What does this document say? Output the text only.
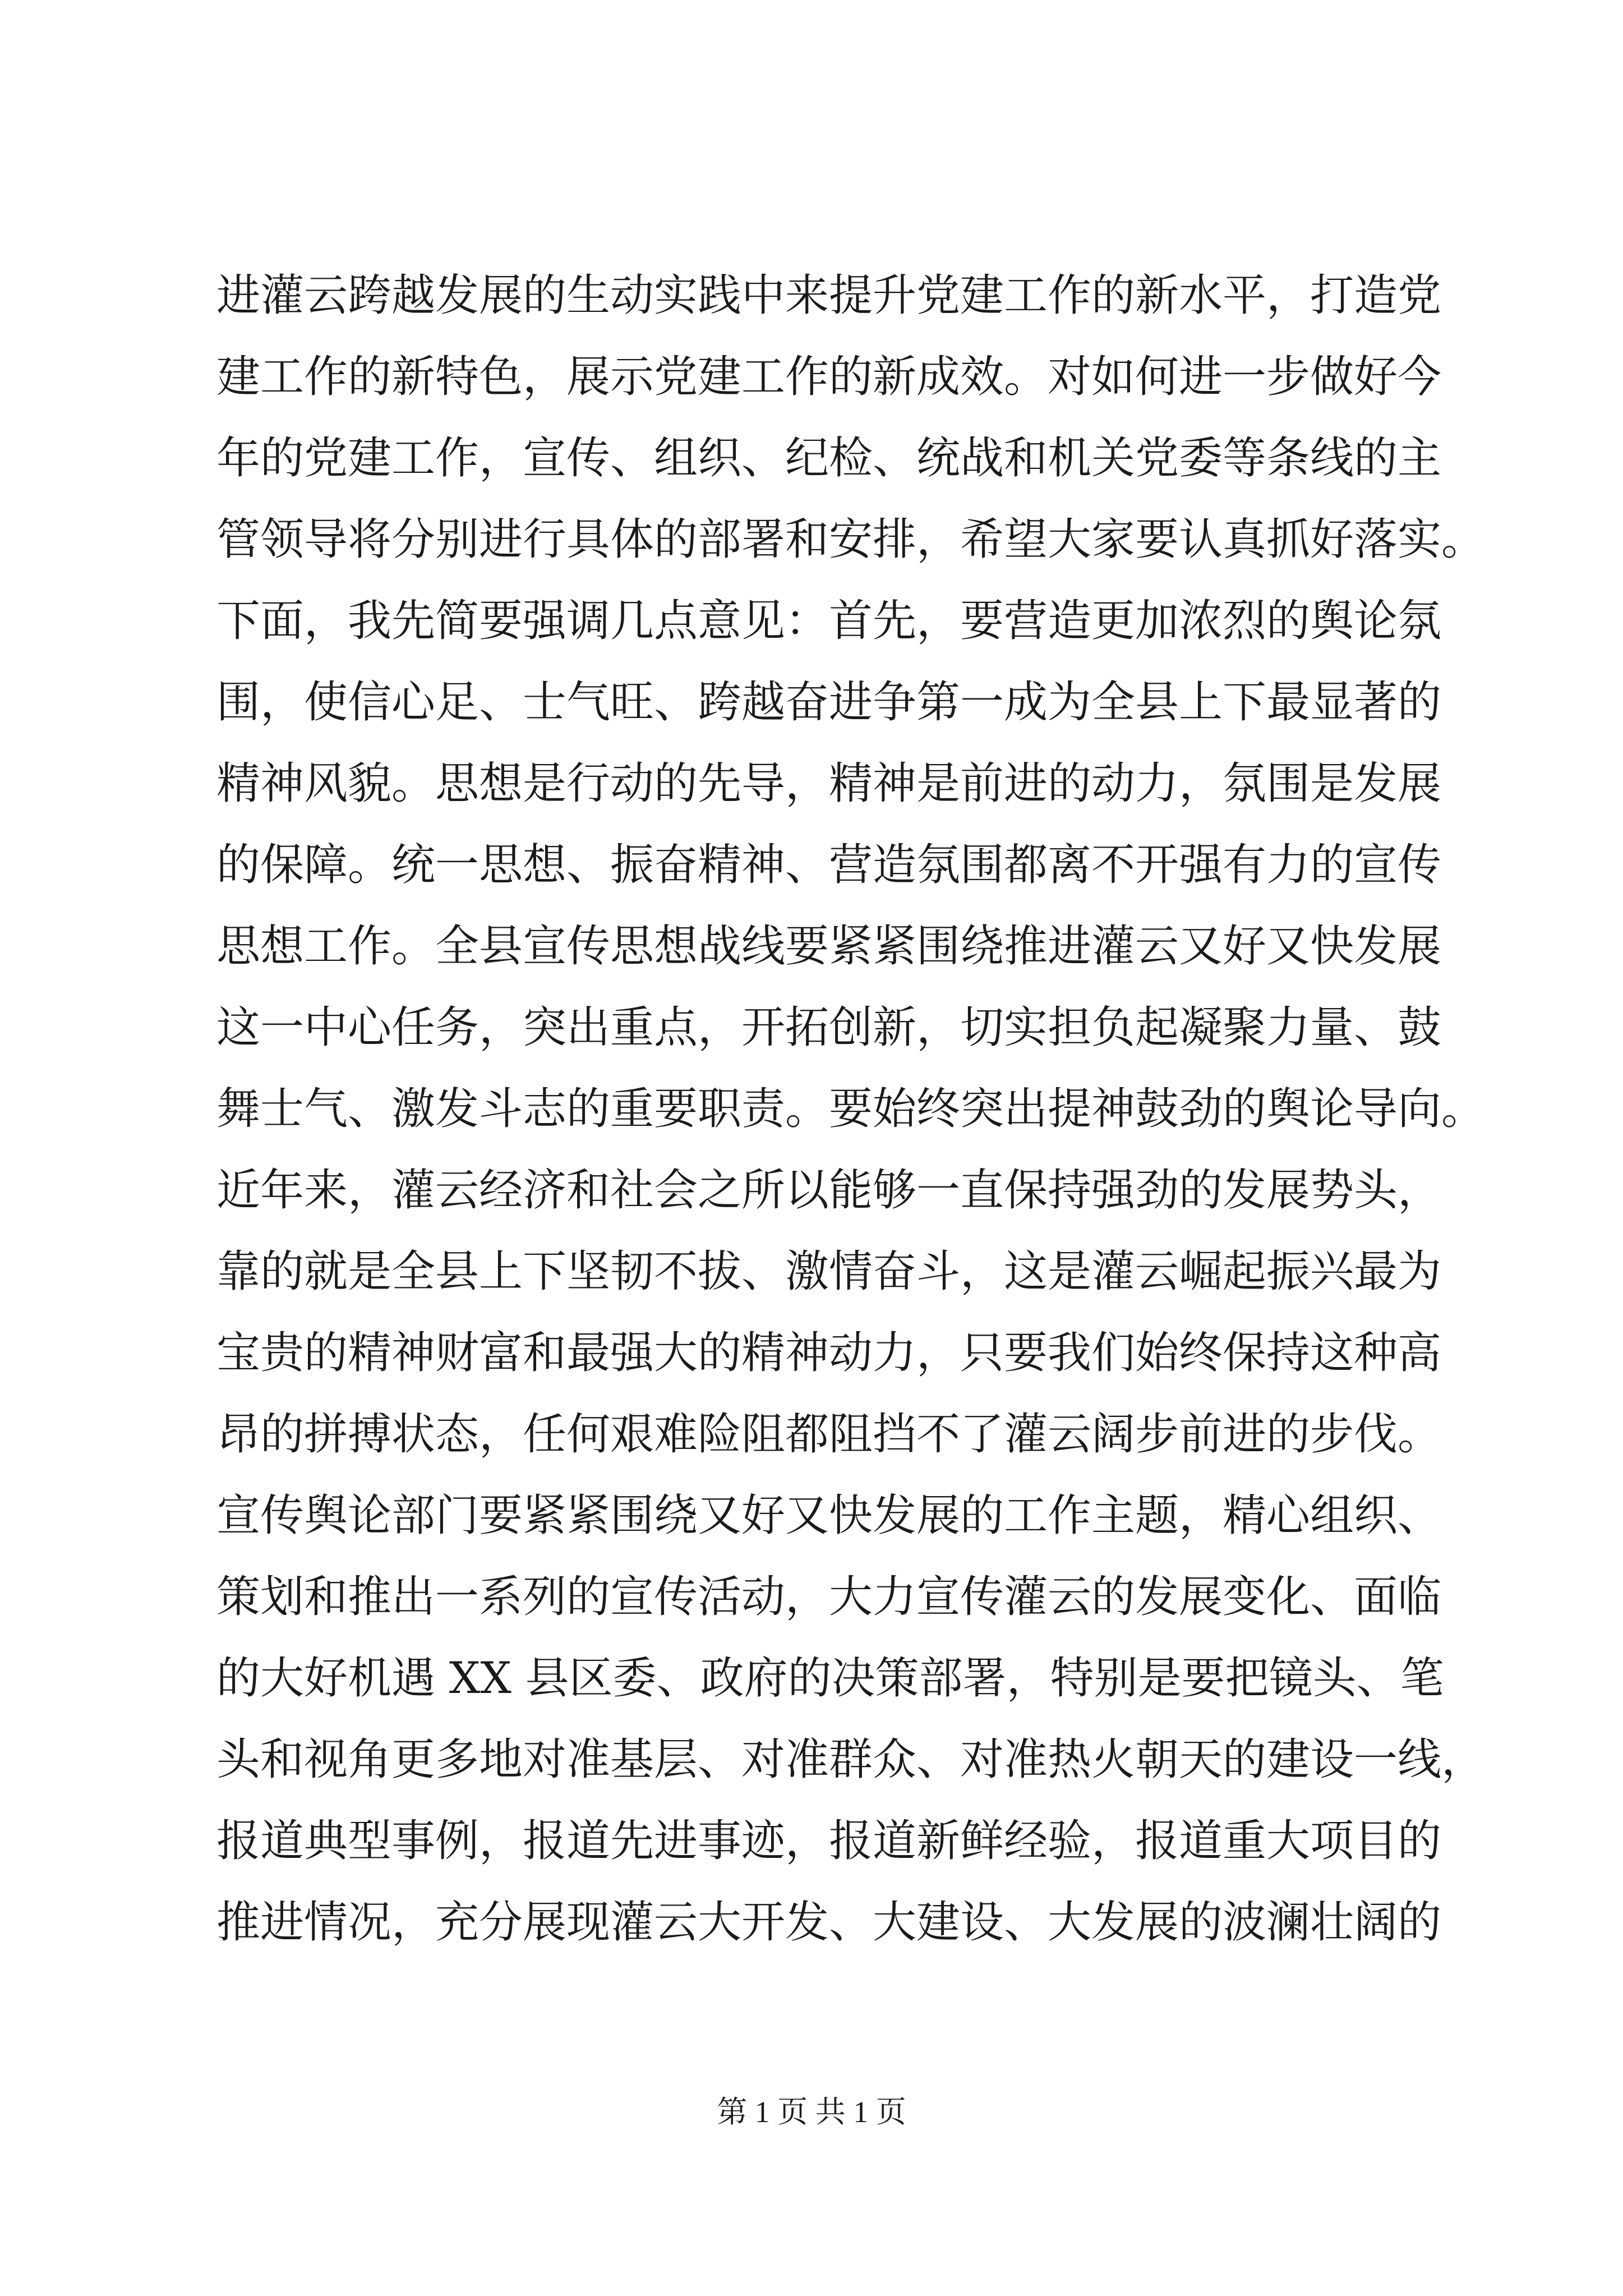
进灌云跨越发展的生动实践中来提升党建工作的新水平，打造党
建工作的新特色，展示党建工作的新成效。对如何进一步做好今
年的党建工作，宣传、组织、纪检、统战和机关党委等条线的主
管领导将分别进行具体的部署和安排，希望大家要认真抓好落实。
下面，我先简要强调几点意见：首先，要营造更加浓烈的舆论氛
围，使信心足、士气旺、跨越奋进争第一成为全县上下最显著的
精神风貌。思想是行动的先导，精神是前进的动力，氛围是发展
的保障。统一思想、振奋精神、营造氛围都离不开强有力的宣传
思想工作。全县宣传思想战线要紧紧围绕推进灌云又好又快发展
这一中心任务，突出重点，开拓创新，切实担负起凝聚力量、鼓
舞士气、激发斗志的重要职责。要始终突出提神鼓劲的舆论导向。
近年来，灌云经济和社会之所以能够一直保持强劲的发展势头，
靠的就是全县上下坚韧不拔、激情奋斗，这是灌云崛起振兴最为
宝贵的精神财富和最强大的精神动力，只要我们始终保持这种高
昂的拼搏状态，任何艰难险阻都阻挡不了灌云阔步前进的步伐。
宣传舆论部门要紧紧围绕又好又快发展的工作主题，精心组织、
策划和推出一系列的宣传活动，大力宣传灌云的发展变化、面临
的大好机遇 XX 县区委、政府的决策部署，特别是要把镜头、笔
头和视角更多地对准基层、对准群众、对准热火朝天的建设一线，
报道典型事例，报道先进事迹，报道新鲜经验，报道重大项目的
推进情况，充分展现灌云大开发、大建设、大发展的波澜壮阔的
第 1 页 共 1 页
